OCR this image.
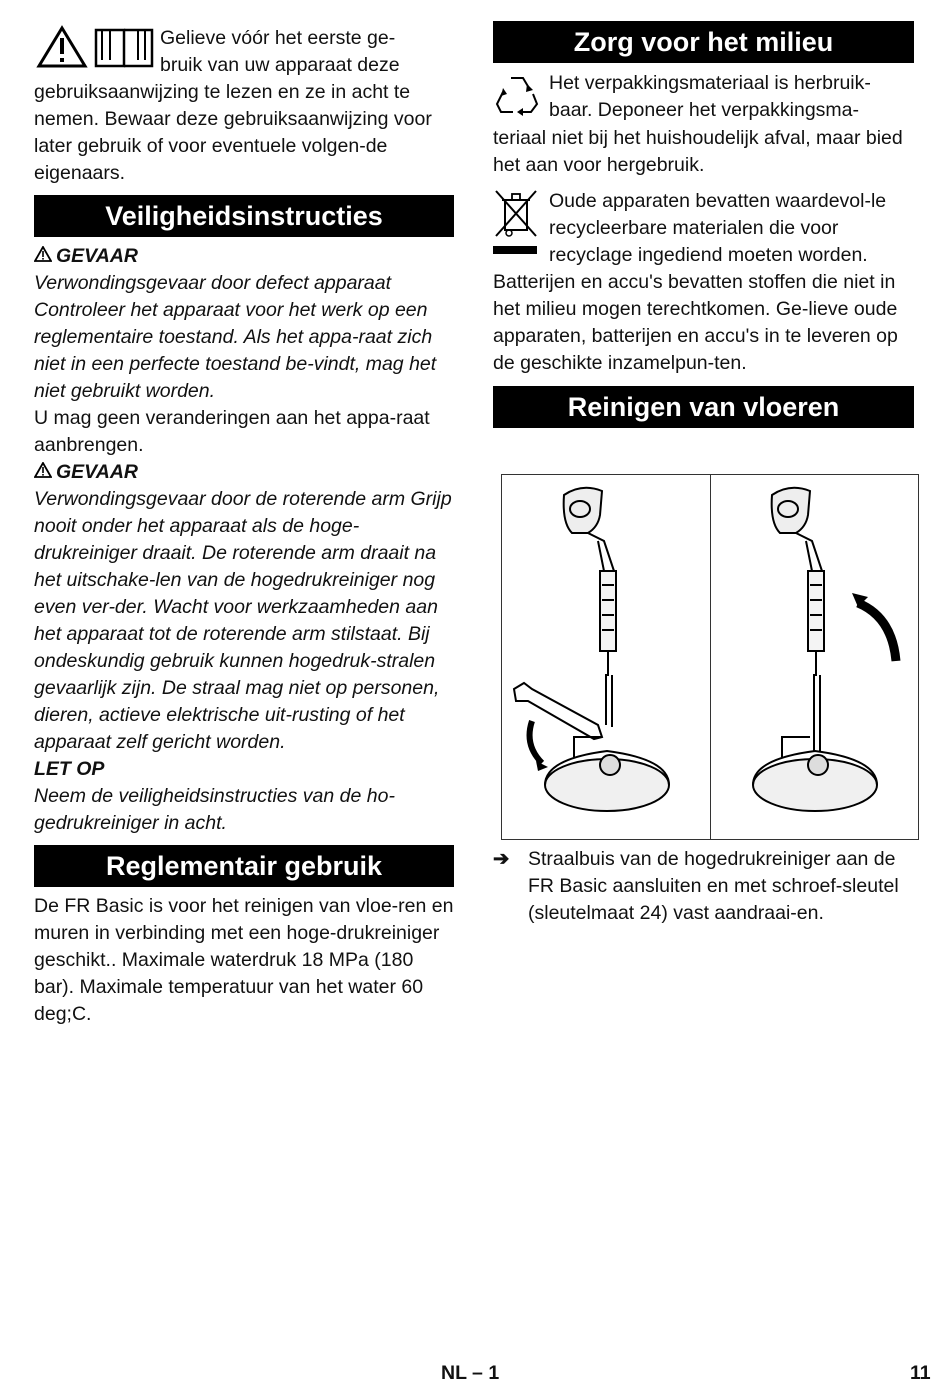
Gelieve vóór het eerste ge-

bruik van uw apparaat deze

gebruiksaanwijzing te lezen en ze in acht te nemen. Bewaar deze gebruiksaanwijzing voor later gebruik of voor eventuele volgen-de eigenaars.

Veiligheidsinstructies
GEVAAR

Verwondingsgevaar door defect apparaat Controleer het apparaat voor het werk op een reglementaire toestand. Als het appa-raat zich niet in een perfecte toestand be-vindt, mag het niet gebruikt worden.

U mag geen veranderingen aan het appa-raat aanbrengen.

GEVAAR

Verwondingsgevaar door de roterende arm Grijp nooit onder het apparaat als de hoge-drukreiniger draait. De roterende arm draait na het uitschake-len van de hogedrukreiniger nog even ver-der. Wacht voor werkzaamheden aan het apparaat tot de roterende arm stilstaat. Bij ondeskundig gebruik kunnen hogedruk-stralen gevaarlijk zijn. De straal mag niet op personen, dieren, actieve elektrische uit-rusting of het apparaat zelf gericht worden.

LET OP

Neem de veiligheidsinstructies van de ho-gedrukreiniger in acht.

Reglementair gebruik

De FR Basic is voor het reinigen van vloe-ren en muren in verbinding met een hoge-drukreiniger geschikt.. Maximale waterdruk 18 MPa (180 bar). Maximale temperatuur van het water 60 deg;C.

Zorg voor het milieu

Het verpakkingsmateriaal is herbruik-

baar. Deponeer het verpakkingsma-

teriaal niet bij het huishoudelijk afval, maar bied het aan voor hergebruik.

Oude apparaten bevatten waardevol-le recycleerbare materialen die voor recyclage ingediend moeten worden.

Batterijen en accu's bevatten stoffen die niet in het milieu mogen terechtkomen. Ge-lieve oude apparaten, batterijen en accu's in te leveren op de geschikte inzamelpun-ten.

Reinigen van vloeren
➔ Straalbuis van de hogedrukreiniger aan de FR Basic aansluiten en met schroef-sleutel (sleutelmaat 24) vast aandraai-en.

NL – 1	11
